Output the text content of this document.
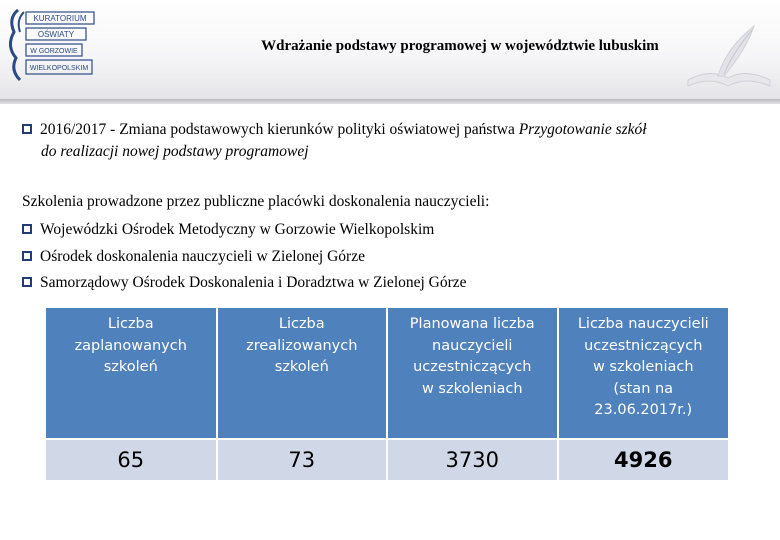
KURATORIUM
OŚWIATY
W GORZOWIE
WIELKOPOLSKIM
Wdrażanie podstawy programowej w województwie lubuskim
2016/2017 - Zmiana podstawowych kierunków polityki oświatowej państwa Przygotowanie szkół
do realizacji nowej podstawy programowej
Szkolenia prowadzone przez publiczne placówki doskonalenia nauczycieli:
Wojewódzki Ośrodek Metodyczny w Gorzowie Wielkopolskim
Ośrodek doskonalenia nauczycieli w Zielonej Górze
Samorządowy Ośrodek Doskonalenia i Doradztwa w Zielonej Górze
Liczba
zaplanowanych
szkoleń	Liczba
zrealizowanych
szkoleń	Planowana liczba
nauczycieli
uczestniczących
w szkoleniach	Liczba nauczycieli
uczestniczących
w szkoleniach
(stan na
23.06.2017r.)
65	73	3730	4926
